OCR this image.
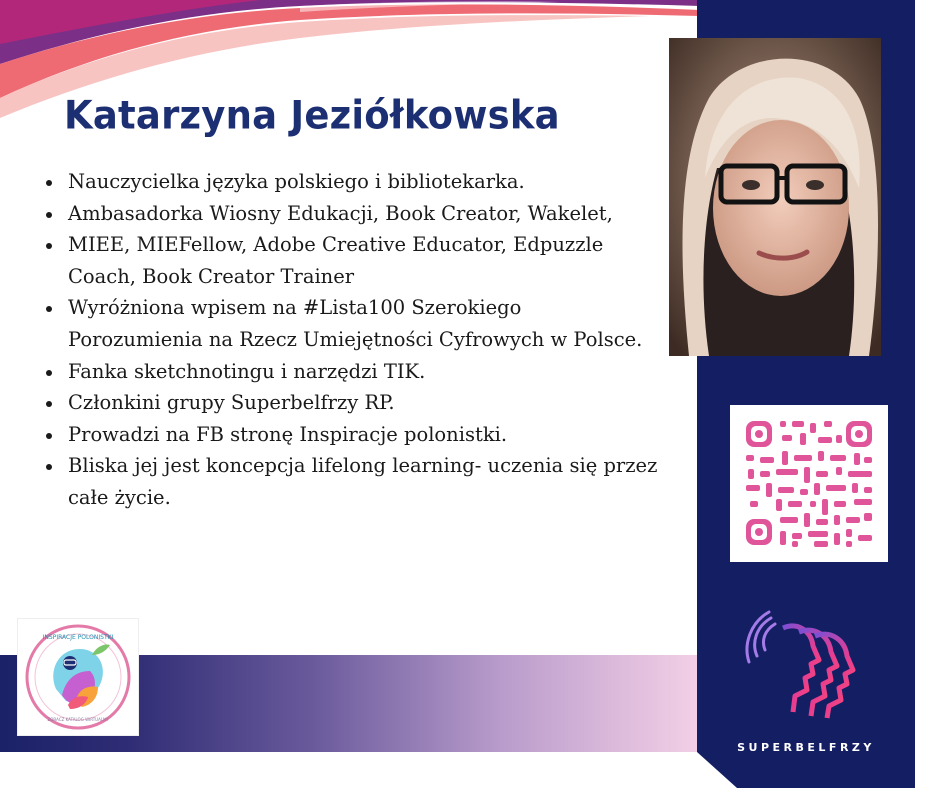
SUPERBELFRZY
INSPIRACJE POLONISTKI
ZOBACZ KATALOG WIRTUALNY
Katarzyna Jeziółkowska
Nauczycielka języka polskiego i bibliotekarka.
Ambasadorka Wiosny Edukacji, Book Creator, Wakelet,
MIEE, MIEFellow, Adobe Creative Educator, Edpuzzle Coach, Book Creator Trainer
Wyróżniona wpisem na #Lista100 Szerokiego Porozumienia na Rzecz Umiejętności Cyfrowych w Polsce.
Fanka sketchnotingu i narzędzi TIK.
Członkini grupy Superbelfrzy RP.
Prowadzi na FB stronę Inspiracje polonistki.
Bliska jej jest koncepcja lifelong learning- uczenia się przez całe życie.
